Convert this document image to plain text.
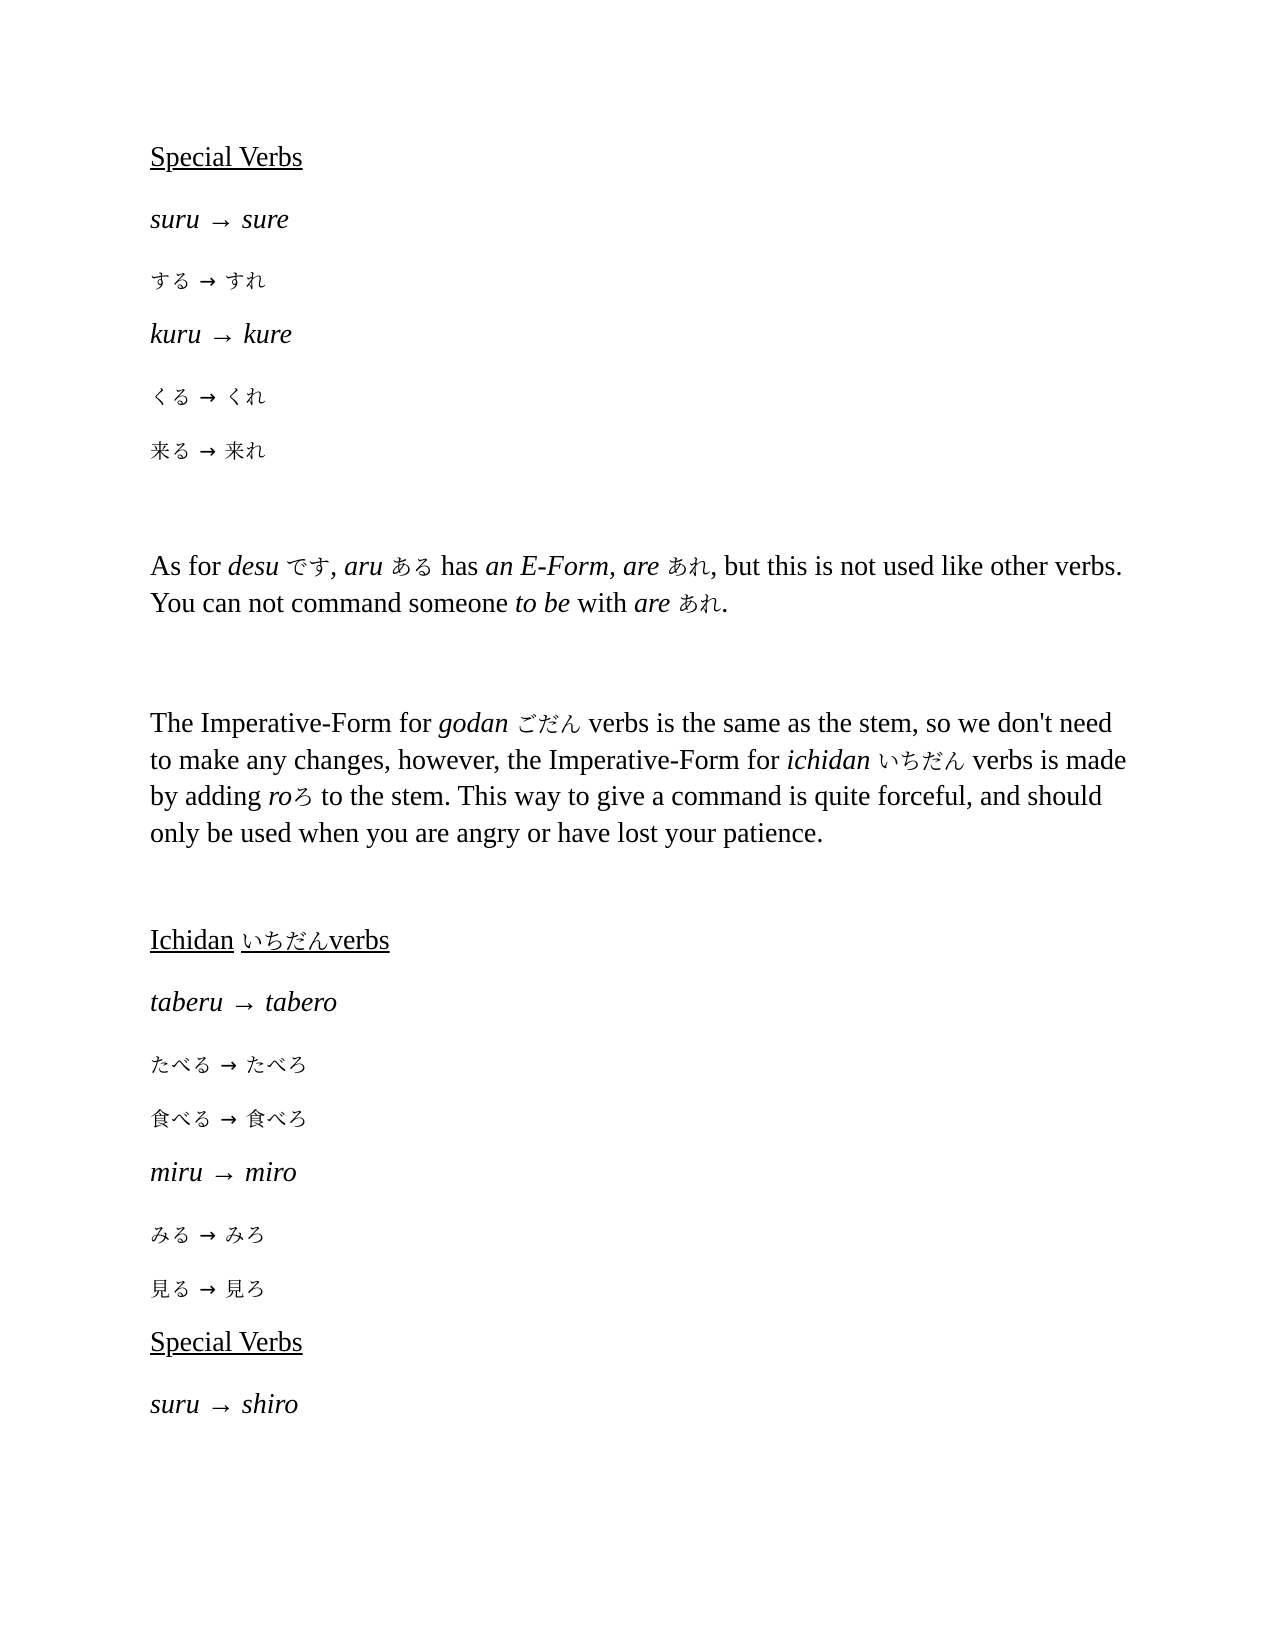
Special Verbs
suru → sure
する → すれ
kuru → kure
くる → くれ
来る → 来れ
As for desu です, aru ある has an E-Form, are あれ, but this is not used like other verbs. You can not command someone to be with are あれ.
The Imperative-Form for godan ごだん verbs is the same as the stem, so we don't need to make any changes, however, the Imperative-Form for ichidan いちだん verbs is made by adding roろ to the stem. This way to give a command is quite forceful, and should only be used when you are angry or have lost your patience.
Ichidan いちだんverbs
taberu → tabero
たべる → たべろ
食べる → 食べろ
miru → miro
みる → みろ
見る → 見ろ
Special Verbs
suru → shiro
